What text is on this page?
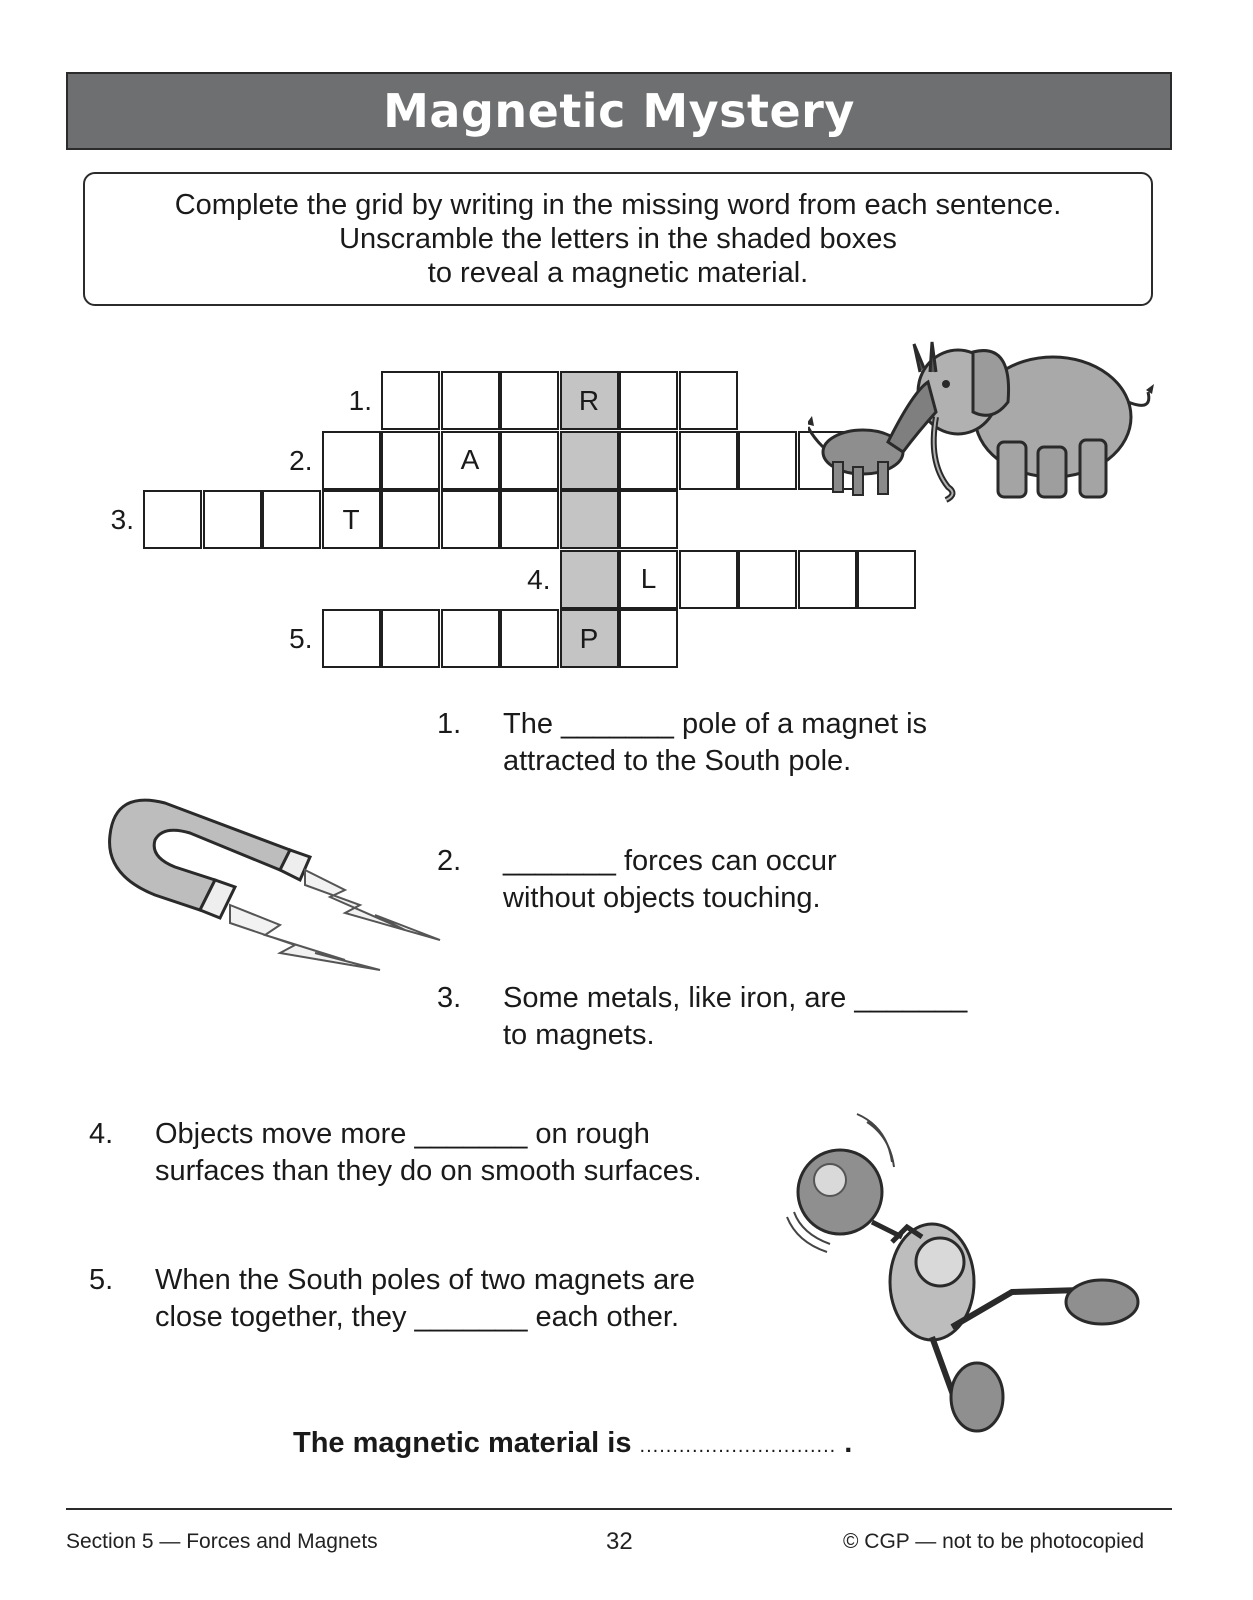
Magnetic Mystery
Complete the grid by writing in the missing word from each sentence.
Unscramble the letters in the shaded boxes
to reveal a magnetic material.
R
1.
A
2.
T
3.
4.
P
5.
L
1. The _______ pole of a magnet is
attracted to the South pole.
2. _______ forces can occur
without objects touching.
3. Some metals, like iron, are _______
to magnets.
4. Objects move more _______ on rough
surfaces than they do on smooth surfaces.
5. When the South poles of two magnets are
close together, they _______ each other.
The magnetic material is .............................. .
Section 5 — Forces and Magnets	32	© CGP — not to be photocopied
